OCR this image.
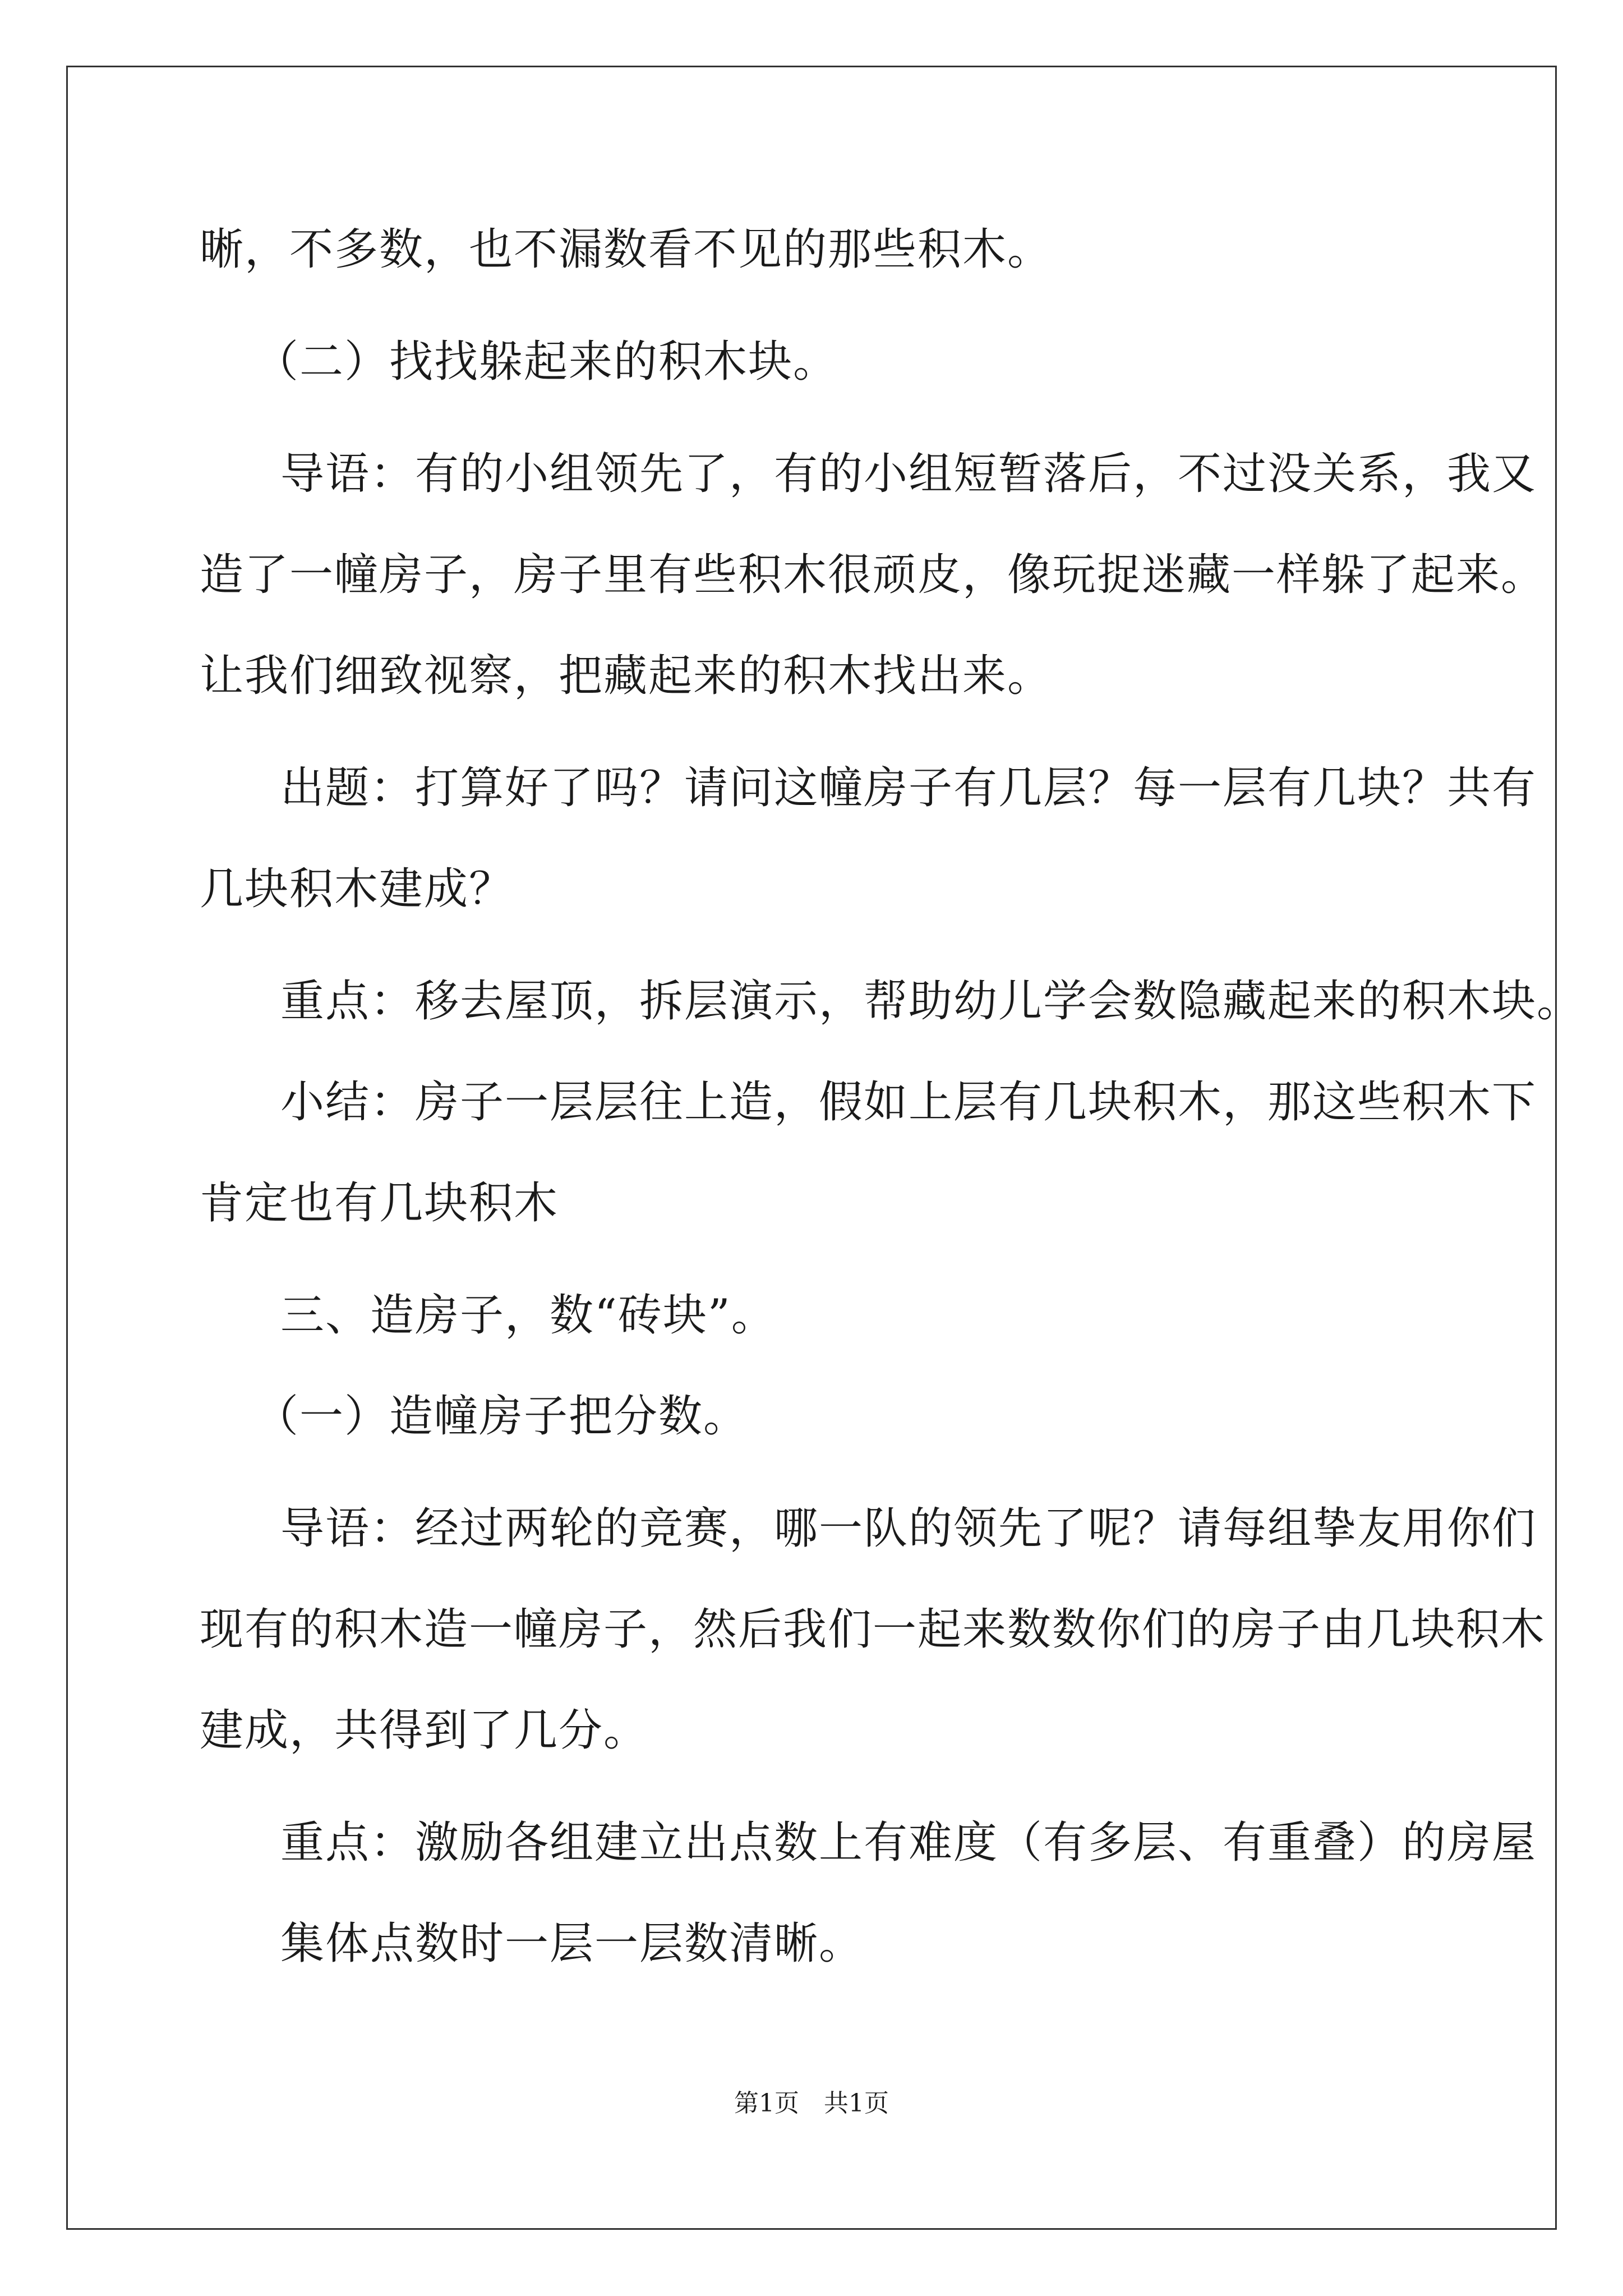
晰，不多数，也不漏数看不见的那些积木。
（二）找找躲起来的积木块。
导语：有的小组领先了，有的小组短暂落后，不过没关系，我又
造了一幢房子，房子里有些积木很顽皮，像玩捉迷藏一样躲了起来。
让我们细致视察，把藏起来的积木找出来。
出题：打算好了吗？请问这幢房子有几层？每一层有几块？共有
几块积木建成？
重点：移去屋顶，拆层演示，帮助幼儿学会数隐藏起来的积木块。
小结：房子一层层往上造，假如上层有几块积木，那这些积木下
肯定也有几块积木
三、造房子，数“砖块”。
（一）造幢房子把分数。
导语：经过两轮的竞赛，哪一队的领先了呢？请每组挚友用你们
现有的积木造一幢房子，然后我们一起来数数你们的房子由几块积木
建成，共得到了几分。
重点：激励各组建立出点数上有难度（有多层、有重叠）的房屋
集体点数时一层一层数清晰。
第1页　共1页
